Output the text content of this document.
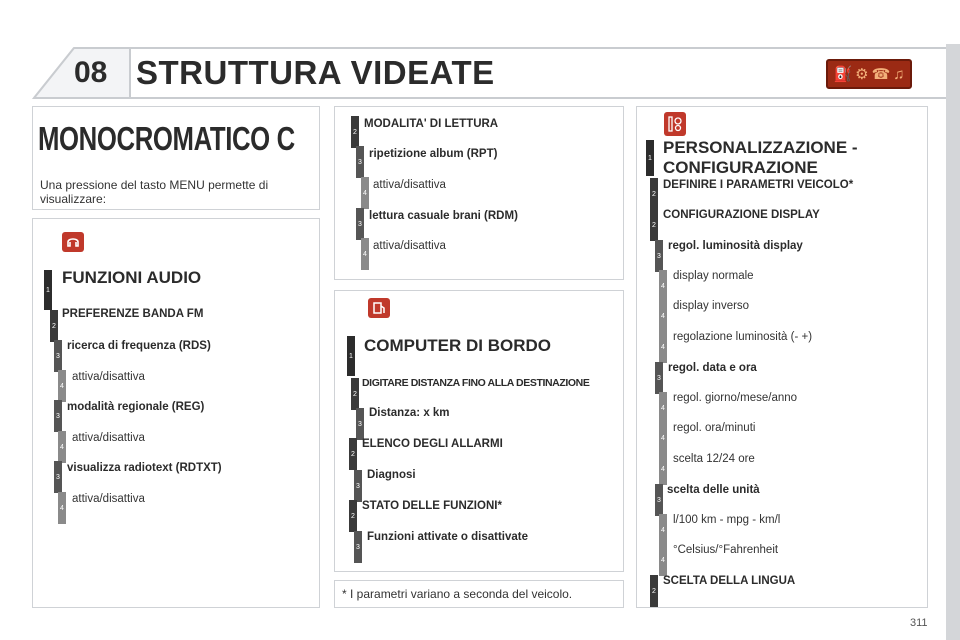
08 STRUTTURA VIDEATE	⛽ ⚙ ☎ ♫
MONOCROMATICO C
Una pressione del tasto MENU permette di visualizzare:
1
FUNZIONI AUDIO
2
PREFERENZE BANDA FM
3
ricerca di frequenza (RDS)
4
attiva/disattiva
3
modalità regionale (REG)
4
attiva/disattiva
3
visualizza radiotext (RDTXT)
4
attiva/disattiva
2
MODALITA' DI LETTURA
3
ripetizione album (RPT)
4
attiva/disattiva
3
lettura casuale brani (RDM)
4
attiva/disattiva
1
COMPUTER DI BORDO
2
DIGITARE DISTANZA FINO ALLA DESTINAZIONE
3
Distanza: x km
2
ELENCO DEGLI ALLARMI
3
Diagnosi
2
STATO DELLE FUNZIONI*
3
Funzioni attivate o disattivate
* I parametri variano a seconda del veicolo.
1
PERSONALIZZAZIONE - CONFIGURAZIONE
2
DEFINIRE I PARAMETRI VEICOLO*
2
CONFIGURAZIONE DISPLAY
3
regol. luminosità display
4
display normale
4
display inverso
4
regolazione luminosità (- +)
3
regol. data e ora
4
regol. giorno/mese/anno
4
regol. ora/minuti
4
scelta 12/24 ore
3
scelta delle unità
4
l/100 km - mpg - km/l
4
°Celsius/°Fahrenheit
2
SCELTA DELLA LINGUA
311
